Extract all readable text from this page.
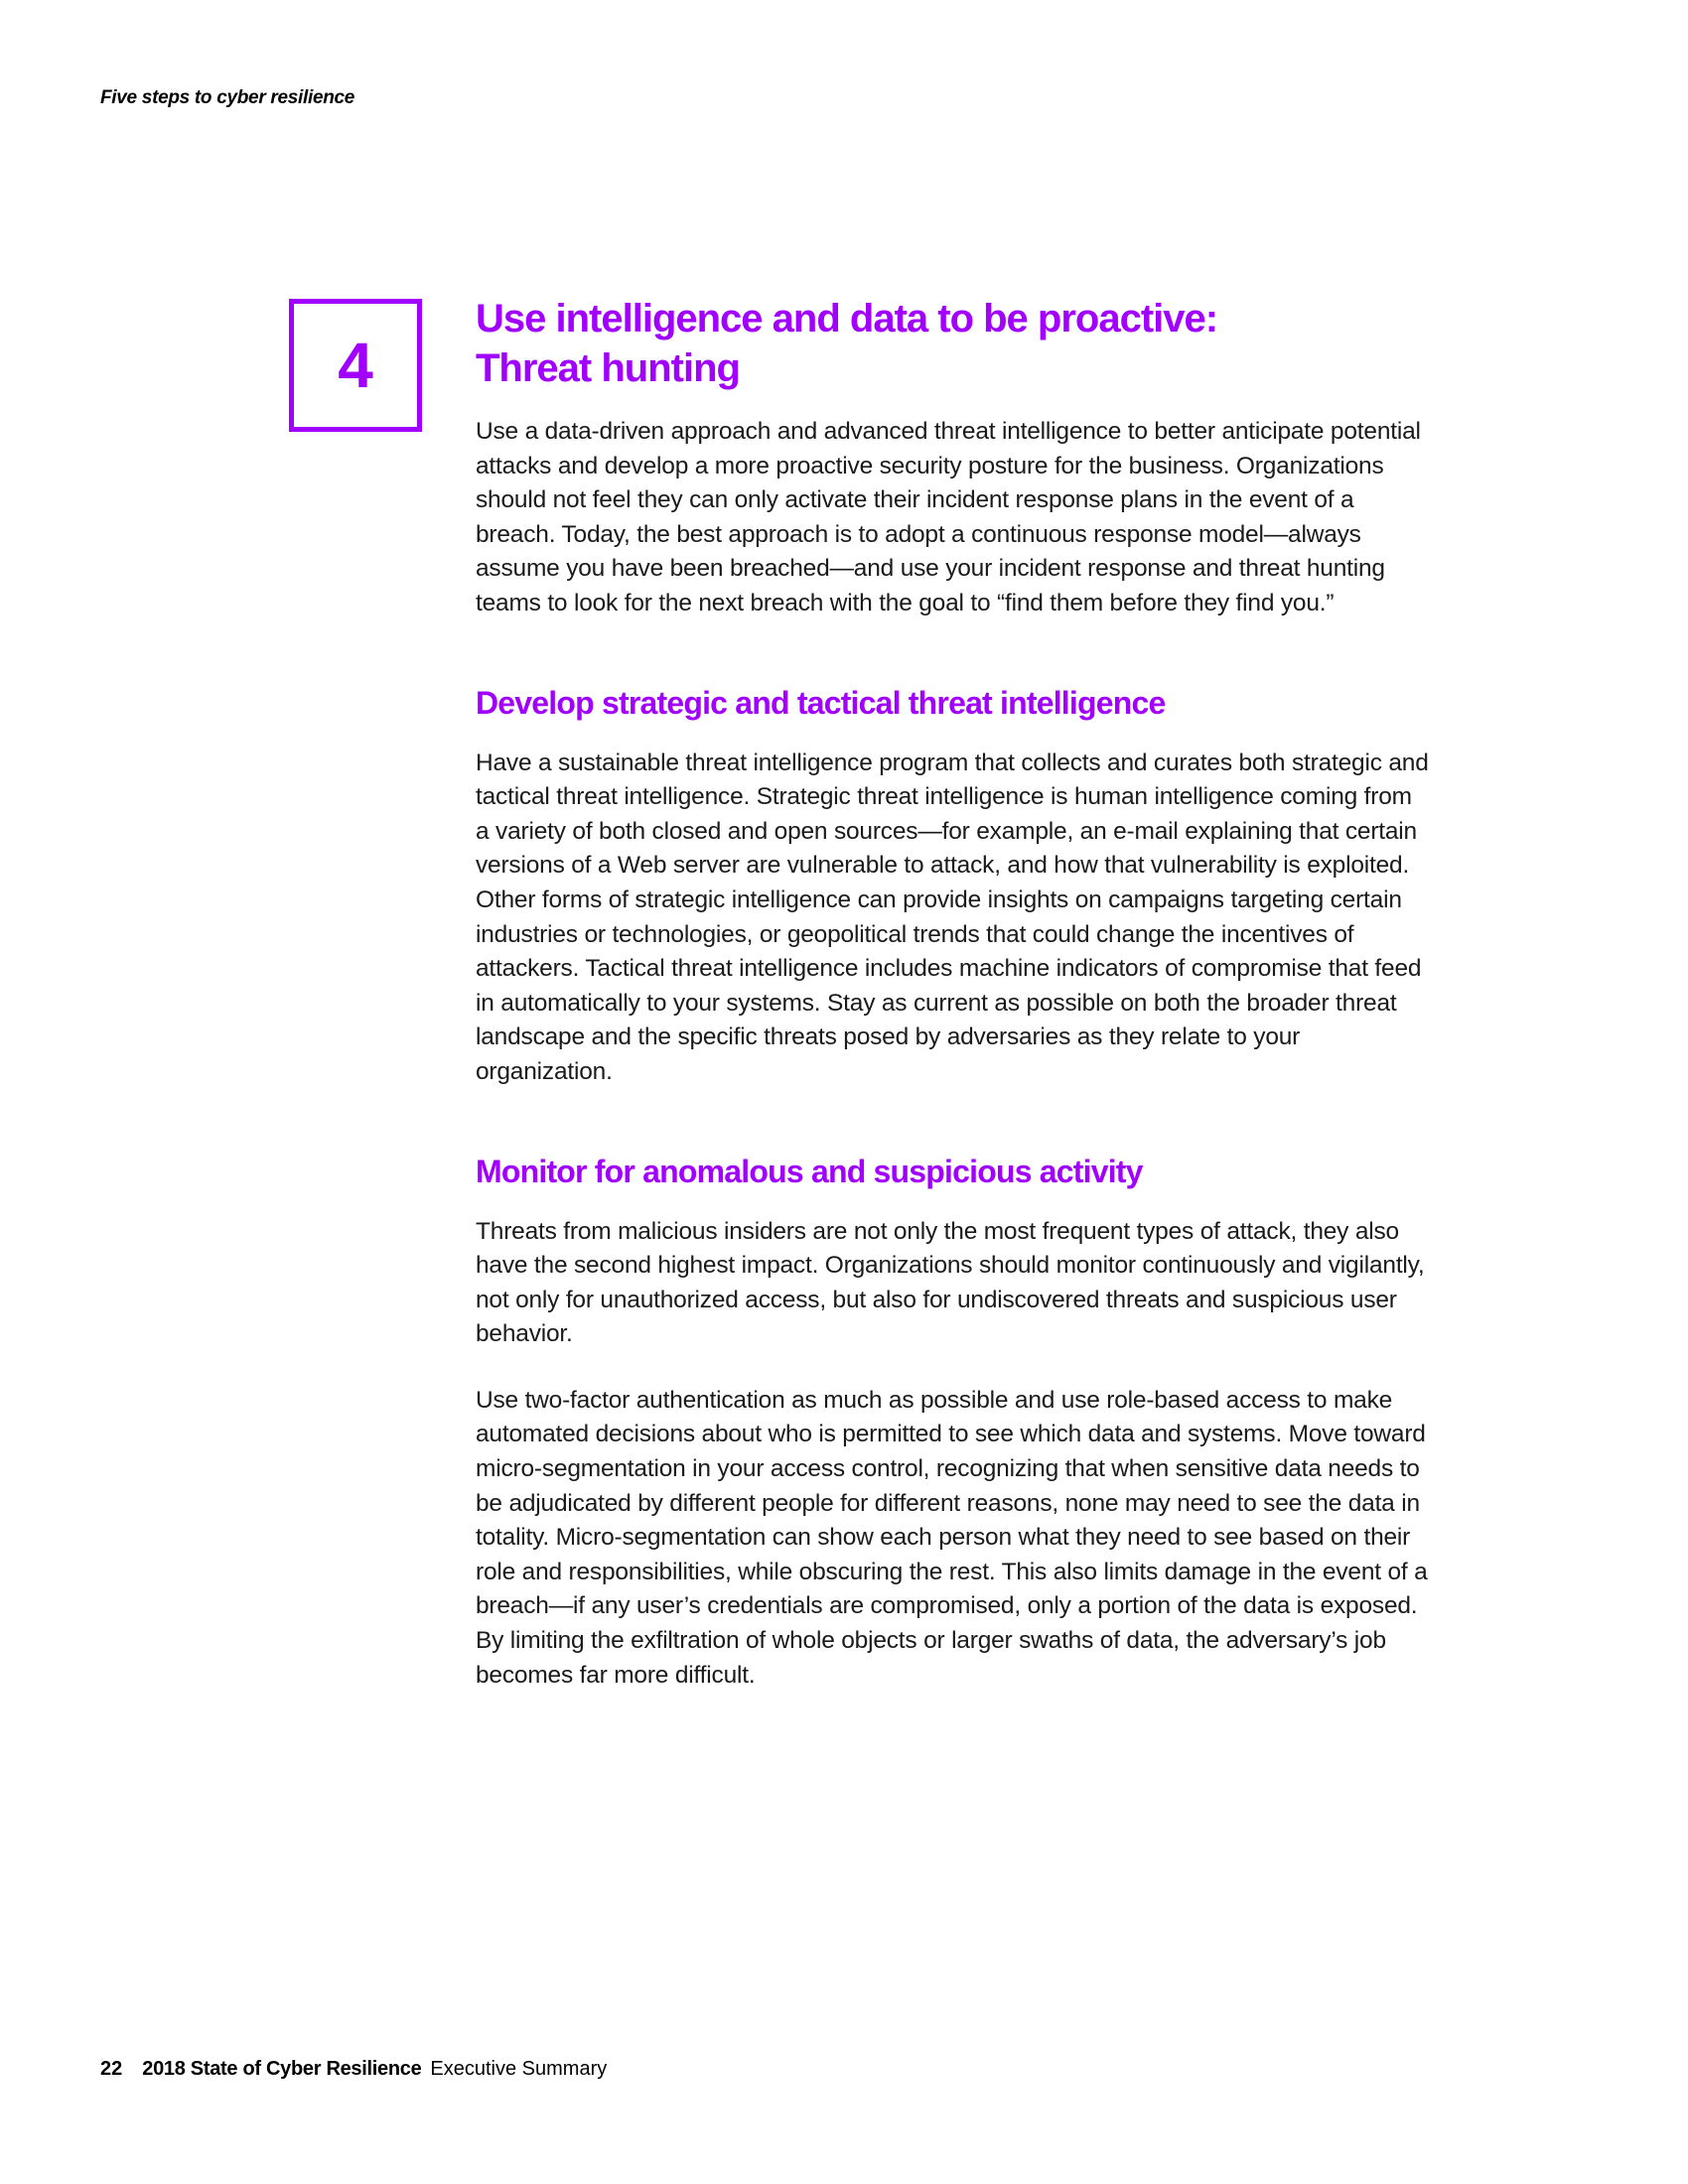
Five steps to cyber resilience

4
Use intelligence and data to be proactive:
Threat hunting

Use a data-driven approach and advanced threat intelligence to better anticipate potential attacks and develop a more proactive security posture for the business. Organizations should not feel they can only activate their incident response plans in the event of a breach. Today, the best approach is to adopt a continuous response model—always assume you have been breached—and use your incident response and threat hunting teams to look for the next breach with the goal to “find them before they find you.”

Develop strategic and tactical threat intelligence

Have a sustainable threat intelligence program that collects and curates both strategic and tactical threat intelligence. Strategic threat intelligence is human intelligence coming from a variety of both closed and open sources—for example, an e-mail explaining that certain versions of a Web server are vulnerable to attack, and how that vulnerability is exploited. Other forms of strategic intelligence can provide insights on campaigns targeting certain industries or technologies, or geopolitical trends that could change the incentives of attackers. Tactical threat intelligence includes machine indicators of compromise that feed in automatically to your systems. Stay as current as possible on both the broader threat landscape and the specific threats posed by adversaries as they relate to your organization.

Monitor for anomalous and suspicious activity

Threats from malicious insiders are not only the most frequent types of attack, they also have the second highest impact. Organizations should monitor continuously and vigilantly, not only for unauthorized access, but also for undiscovered threats and suspicious user behavior.

Use two-factor authentication as much as possible and use role-based access to make automated decisions about who is permitted to see which data and systems. Move toward micro-segmentation in your access control, recognizing that when sensitive data needs to be adjudicated by different people for different reasons, none may need to see the data in totality. Micro-segmentation can show each person what they need to see based on their role and responsibilities, while obscuring the rest. This also limits damage in the event of a breach—if any user’s credentials are compromised, only a portion of the data is exposed. By limiting the exfiltration of whole objects or larger swaths of data, the adversary’s job becomes far more difficult.

22 2018 State of Cyber Resilience Executive Summary
